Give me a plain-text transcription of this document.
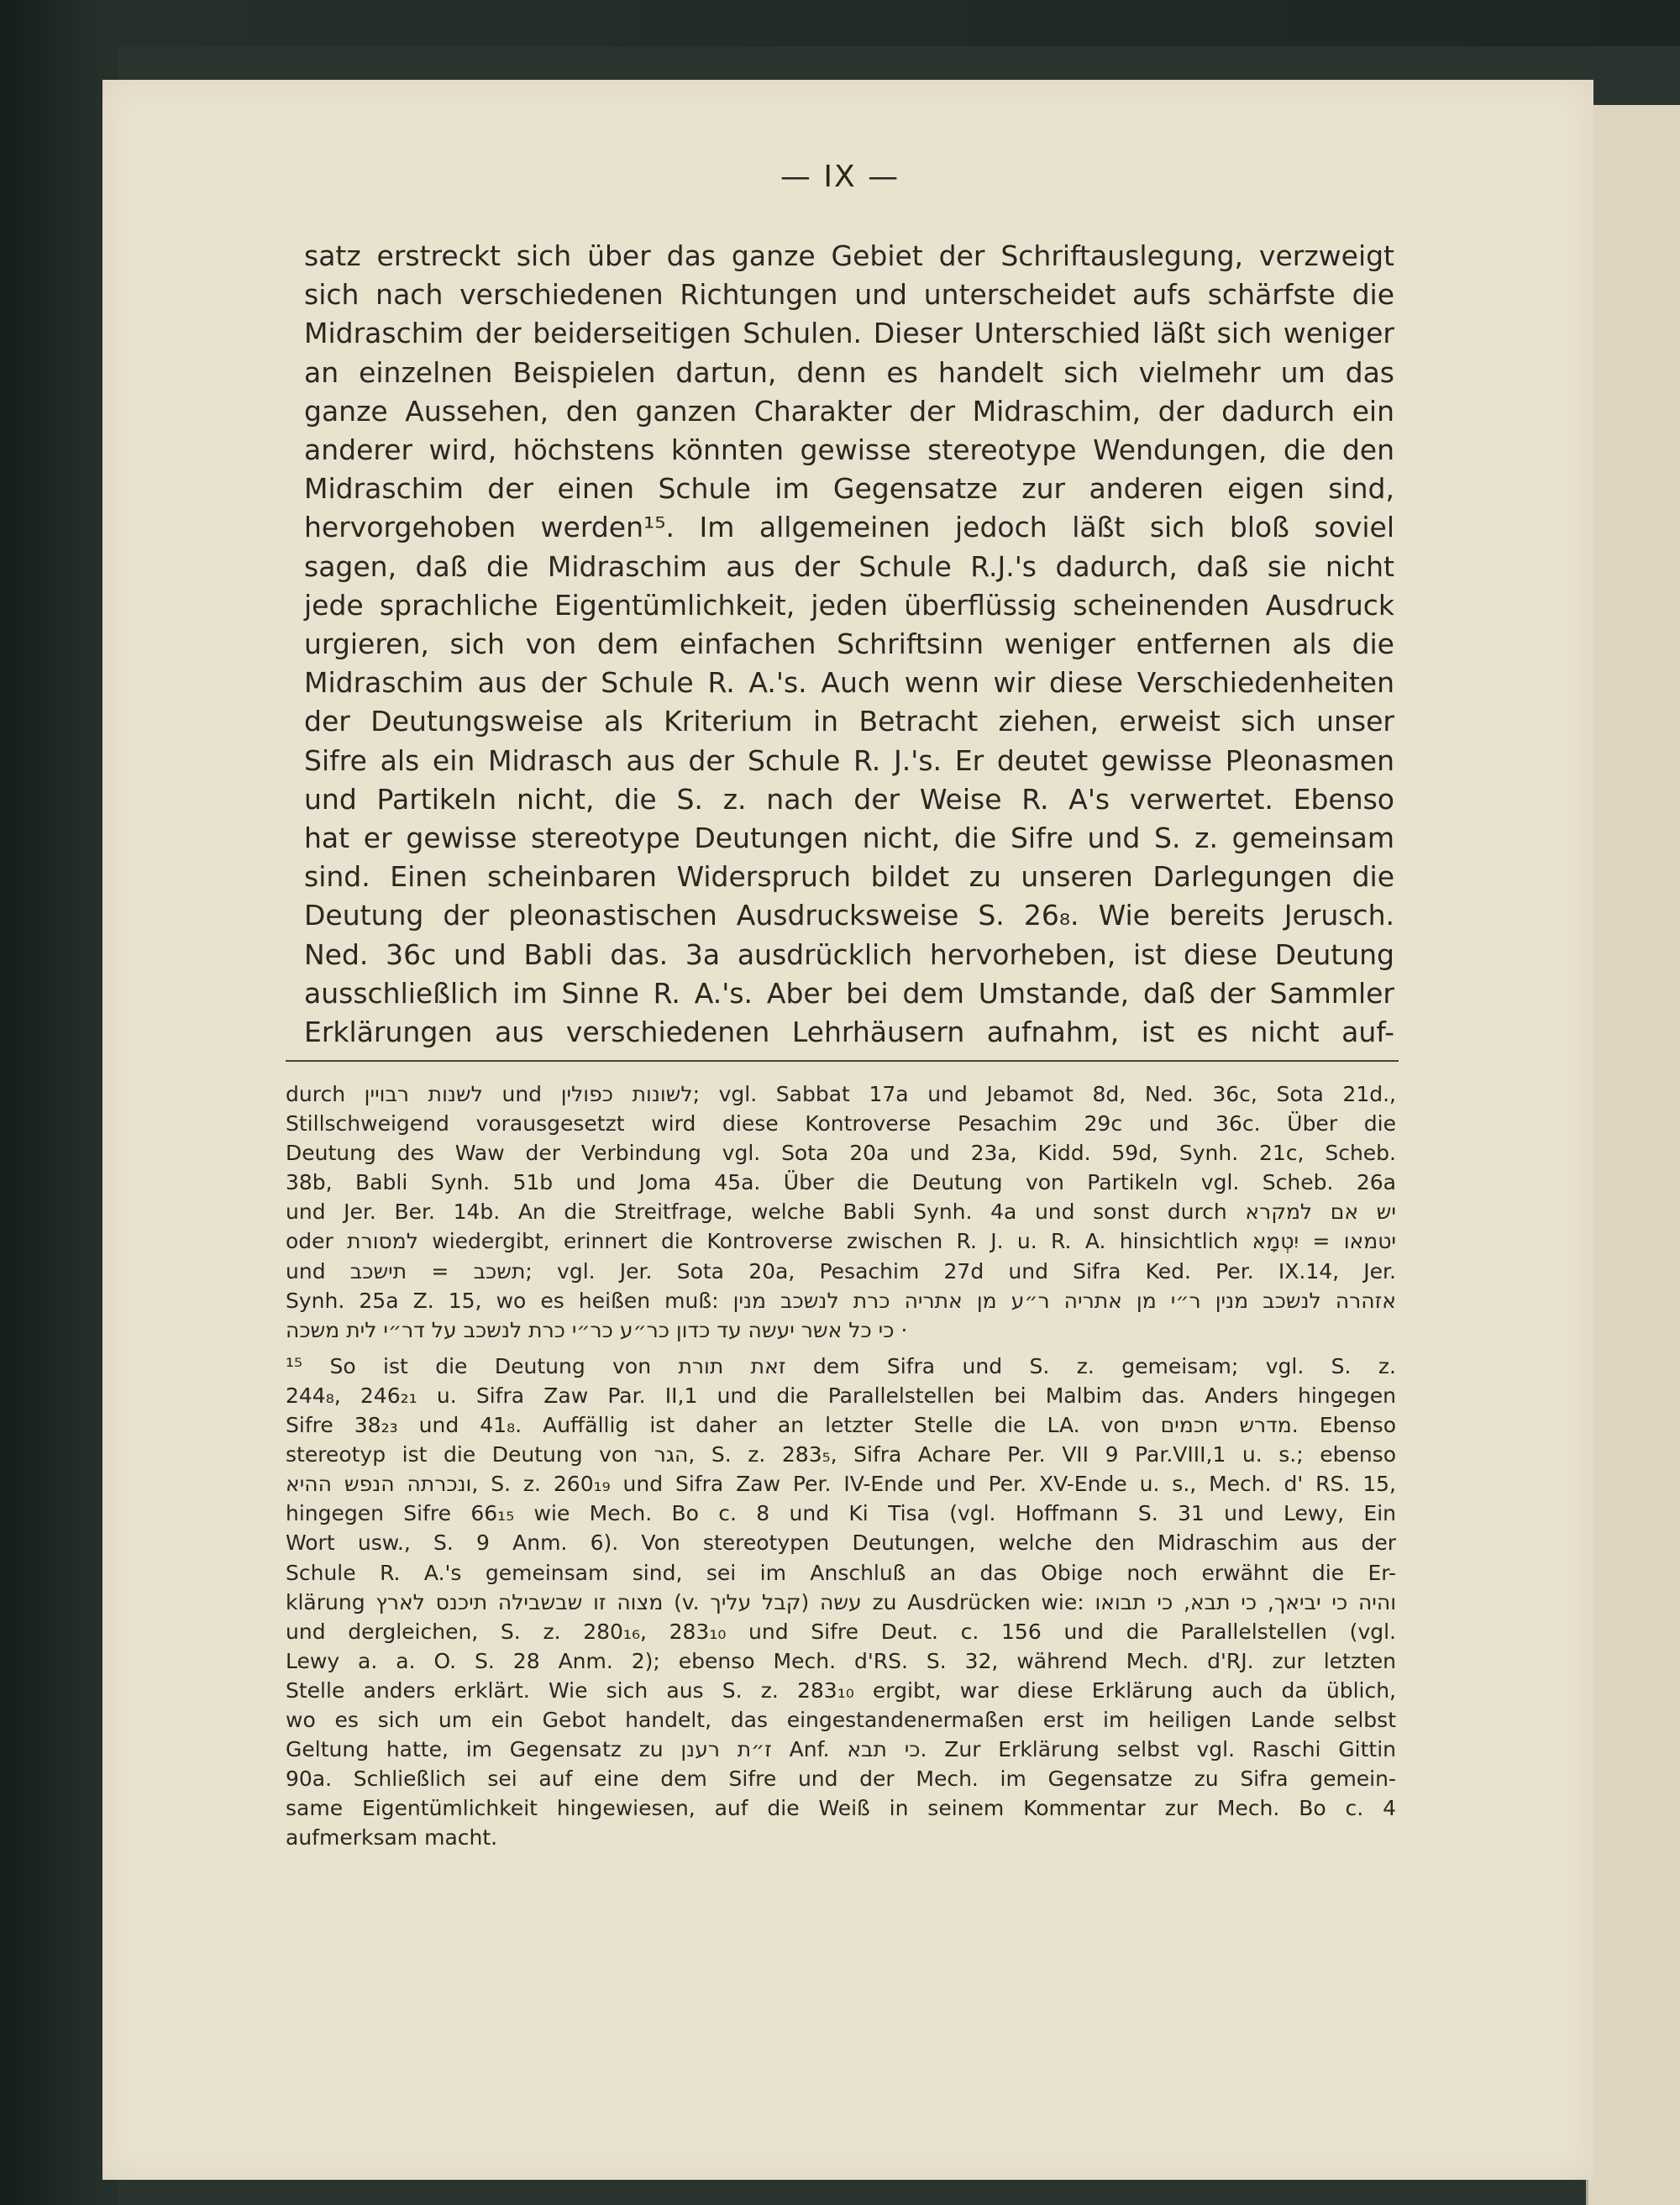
— IX —
satz erstreckt sich über das ganze Gebiet der Schriftauslegung, verzweigt
sich nach verschiedenen Richtungen und unterscheidet aufs schärfste die
Midraschim der beiderseitigen Schulen. Dieser Unterschied läßt sich weniger
an einzelnen Beispielen dartun, denn es handelt sich vielmehr um das
ganze Aussehen, den ganzen Charakter der Midraschim, der dadurch ein
anderer wird, höchstens könnten gewisse stereotype Wendungen, die den
Midraschim der einen Schule im Gegensatze zur anderen eigen sind,
hervorgehoben werden¹⁵. Im allgemeinen jedoch läßt sich bloß soviel
sagen, daß die Midraschim aus der Schule R.J.'s dadurch, daß sie nicht
jede sprachliche Eigentümlichkeit, jeden überflüssig scheinenden Ausdruck
urgieren, sich von dem einfachen Schriftsinn weniger entfernen als die
Midraschim aus der Schule R. A.'s. Auch wenn wir diese Verschiedenheiten
der Deutungsweise als Kriterium in Betracht ziehen, erweist sich unser
Sifre als ein Midrasch aus der Schule R. J.'s. Er deutet gewisse Pleonasmen
und Partikeln nicht, die S. z. nach der Weise R. A's verwertet. Ebenso
hat er gewisse stereotype Deutungen nicht, die Sifre und S. z. gemeinsam
sind. Einen scheinbaren Widerspruch bildet zu unseren Darlegungen die
Deutung der pleonastischen Ausdrucksweise S. 26₈. Wie bereits Jerusch.
Ned. 36c und Babli das. 3a ausdrücklich hervorheben, ist diese Deutung
ausschließlich im Sinne R. A.'s. Aber bei dem Umstande, daß der Sammler
Erklärungen aus verschiedenen Lehrhäusern aufnahm, ist es nicht auf-
durch לשנות רבויין und לשונות כפולין; vgl. Sabbat 17a und Jebamot 8d, Ned. 36c, Sota 21d.,
Stillschweigend vorausgesetzt wird diese Kontroverse Pesachim 29c und 36c. Über die
Deutung des Waw der Verbindung vgl. Sota 20a und 23a, Kidd. 59d, Synh. 21c, Scheb.
38b, Babli Synh. 51b und Joma 45a. Über die Deutung von Partikeln vgl. Scheb. 26a
und Jer. Ber. 14b. An die Streitfrage, welche Babli Synh. 4a und sonst durch יש אם למקרא
oder למסורת wiedergibt, erinnert die Kontroverse zwischen R. J. u. R. A. hinsichtlich יטמאו = יִטְמָא
und תשכב = תישכב; vgl. Jer. Sota 20a, Pesachim 27d und Sifra Ked. Per. IX.14, Jer.
Synh. 25a Z. 15, wo es heißen muß: אזהרה לנשכב מנין ר״י מן אתריה ר״ע מן אתריה כרת לנשכב מנין
כי כל אשר יעשה עד כדון כר״ע כר״י כרת לנשכב על דר״י לית משכה ·
¹⁵ So ist die Deutung von זאת תורת dem Sifra und S. z. gemeisam; vgl. S. z.
244₈, 246₂₁ u. Sifra Zaw Par. II,1 und die Parallelstellen bei Malbim das. Anders hingegen
Sifre 38₂₃ und 41₈. Auffällig ist daher an letzter Stelle die LA. von מדרש חכמים. Ebenso
stereotyp ist die Deutung von הגר, S. z. 283₅, Sifra Achare Per. VII 9 Par.VIII,1 u. s.; ebenso
ונכרתה הנפש ההיא, S. z. 260₁₉ und Sifra Zaw Per. IV-Ende und Per. XV-Ende u. s., Mech. d' RS. 15,
hingegen Sifre 66₁₅ wie Mech. Bo c. 8 und Ki Tisa (vgl. Hoffmann S. 31 und Lewy, Ein
Wort usw., S. 9 Anm. 6). Von stereotypen Deutungen, welche den Midraschim aus der
Schule R. A.'s gemeinsam sind, sei im Anschluß an das Obige noch erwähnt die Er-
klärung מצוה זו שבשבילה תיכנס לארץ (v. קבל עליך) עשה zu Ausdrücken wie: והיה כי יביאך, כי תבא, כי תבואו
und dergleichen, S. z. 280₁₆, 283₁₀ und Sifre Deut. c. 156 und die Parallelstellen (vgl.
Lewy a. a. O. S. 28 Anm. 2); ebenso Mech. d'RS. S. 32, während Mech. d'RJ. zur letzten
Stelle anders erklärt. Wie sich aus S. z. 283₁₀ ergibt, war diese Erklärung auch da üblich,
wo es sich um ein Gebot handelt, das eingestandenermaßen erst im heiligen Lande selbst
Geltung hatte, im Gegensatz zu ז״ת רענן Anf. כי תבא. Zur Erklärung selbst vgl. Raschi Gittin
90a. Schließlich sei auf eine dem Sifre und der Mech. im Gegensatze zu Sifra gemein-
same Eigentümlichkeit hingewiesen, auf die Weiß in seinem Kommentar zur Mech. Bo c. 4
aufmerksam macht.
